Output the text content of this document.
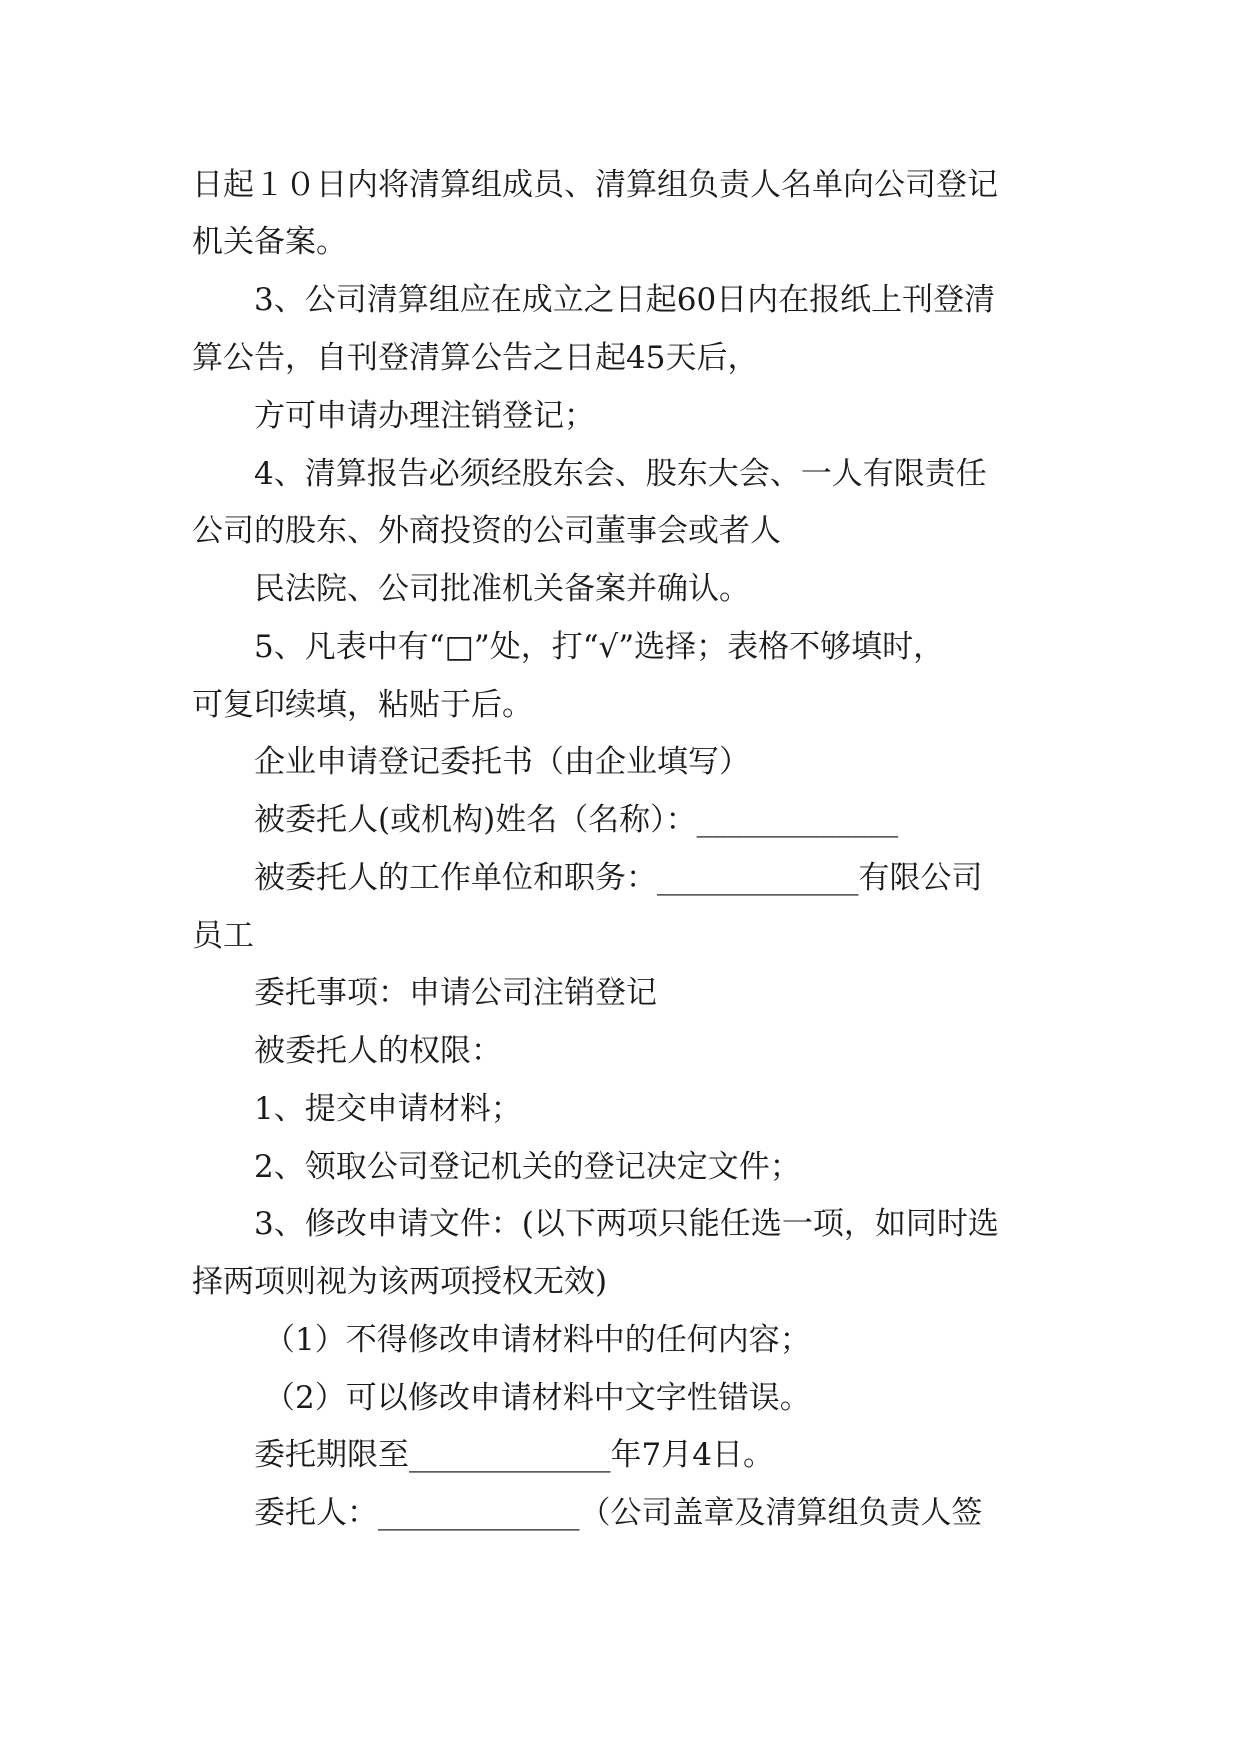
日起１０日内将清算组成员、清算组负责人名单向公司登记
机关备案。
3、公司清算组应在成立之日起60日内在报纸上刊登清
算公告，自刊登清算公告之日起45天后，
方可申请办理注销登记；
4、清算报告必须经股东会、股东大会、一人有限责任
公司的股东、外商投资的公司董事会或者人
民法院、公司批准机关备案并确认。
5、凡表中有“□”处，打“√”选择；表格不够填时，
可复印续填，粘贴于后。
企业申请登记委托书（由企业填写）
被委托人(或机构)姓名（名称）：_____________
被委托人的工作单位和职务：_____________有限公司
员工
委托事项：申请公司注销登记
被委托人的权限：
1、提交申请材料；
2、领取公司登记机关的登记决定文件；
3、修改申请文件：(以下两项只能任选一项，如同时选
择两项则视为该两项授权无效)
（1）不得修改申请材料中的任何内容；
（2）可以修改申请材料中文字性错误。
委托期限至_____________年7月4日。
委托人：_____________（公司盖章及清算组负责人签
